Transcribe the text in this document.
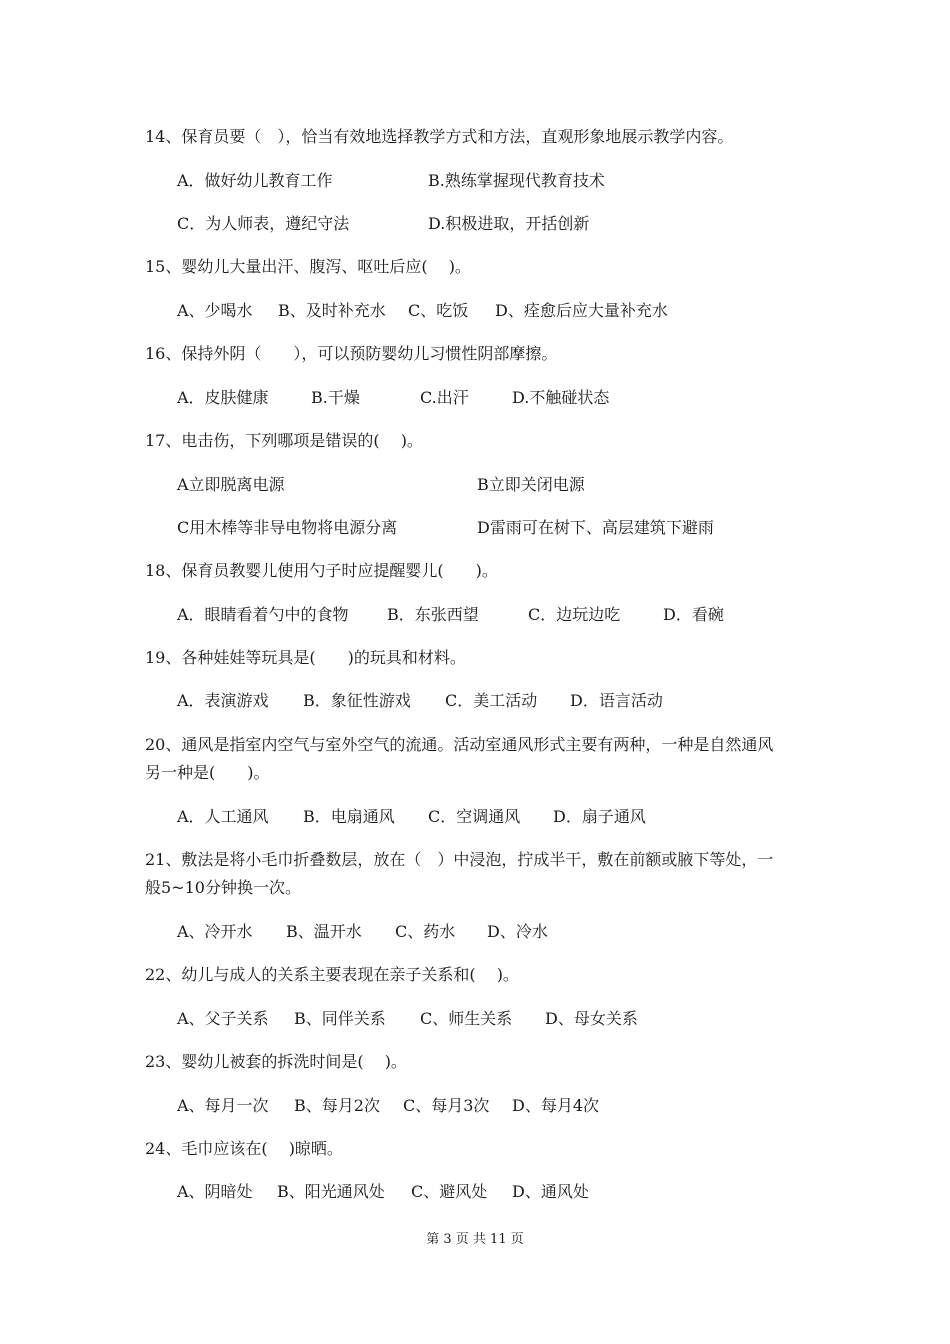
14、保育员要（　），恰当有效地选择教学方式和方法，直观形象地展示教学内容。
A．做好幼儿教育工作	B.熟练掌握现代教育技术
C．为人师表，遵纪守法	D.积极进取，开括创新
15、婴幼儿大量出汗、腹泻、呕吐后应(　 )。
A、少喝水 B、及时补充水 C、吃饭 D、痊愈后应大量补充水
16、保持外阴（　　），可以预防婴幼儿习惯性阴部摩擦。
A．皮肤健康	B.干燥	C.出汗	D.不触碰状态
17、电击伤，下列哪项是错误的(　 )。
A立即脱离电源	B立即关闭电源
C用木棒等非导电物将电源分离	D雷雨可在树下、高层建筑下避雨
18、保育员教婴儿使用勺子时应提醒婴儿(　　)。
A．眼睛看着勺中的食物 B．东张西望	C．边玩边吃	D．看碗
19、各种娃娃等玩具是(　　)的玩具和材料。
A．表演游戏 B．象征性游戏 C．美工活动 D．语言活动
20、通风是指室内空气与室外空气的流通。活动室通风形式主要有两种，一种是自然通风
另一种是(　　)。
A．人工通风 B．电扇通风 C．空调通风 D．扇子通风
21、敷法是将小毛巾折叠数层，放在（　）中浸泡，拧成半干，敷在前额或腋下等处，一
般5~10分钟换一次。
A、冷开水 B、温开水 C、药水 D、冷水
22、幼儿与成人的关系主要表现在亲子关系和(　 )。
A、父子关系 B、同伴关系 C、师生关系 D、母女关系
23、婴幼儿被套的拆洗时间是(　 )。
A、每月一次 B、每月2次 C、每月3次 D、每月4次
24、毛巾应该在(　 )晾晒。
A、阴暗处 B、阳光通风处 C、避风处 D、通风处
第 3 页 共 11 页
